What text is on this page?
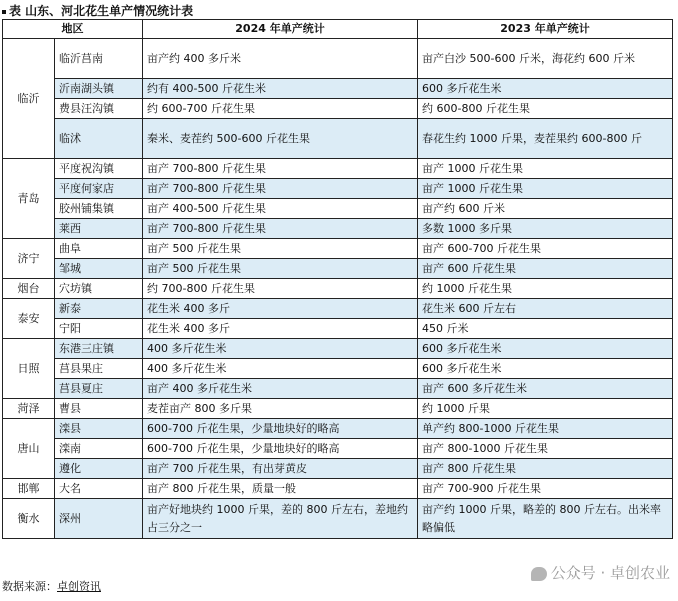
表 山东、河北花生单产情况统计表
地区		2024 年单产统计	2023 年单产统计
临沂	临沂莒南	亩产约 400 多斤米	亩产白沙 500-600 斤米，海花约 600 斤米
	沂南湖头镇	约有 400-500 斤花生米	600 多斤花生米
	费县汪沟镇	约 600-700 斤花生果	约 600-800 斤花生果
	临沭	秦米、麦茬约 500-600 斤花生果	春花生约 1000 斤果，麦茬果约 600-800 斤
青岛	平度祝沟镇	亩产 700-800 斤花生果	亩产 1000 斤花生果
	平度何家店	亩产 700-800 斤花生果	亩产 1000 斤花生果
	胶州铺集镇	亩产 400-500 斤花生果	亩产约 600 斤米
	莱西	亩产 700-800 斤花生果	多数 1000 多斤果
济宁	曲阜	亩产 500 斤花生果	亩产 600-700 斤花生果
	邹城	亩产 500 斤花生果	亩产 600 斤花生果
烟台	穴坊镇	约 700-800 斤花生果	约 1000 斤花生果
泰安	新泰	花生米 400 多斤	花生米 600 斤左右
	宁阳	花生米 400 多斤	450 斤米
日照	东港三庄镇	400 多斤花生米	600 多斤花生米
	莒县果庄	400 多斤花生米	600 多斤花生米
	莒县夏庄	亩产 400 多斤花生米	亩产 600 多斤花生米
菏泽	曹县	麦茬亩产 800 多斤果	约 1000 斤果
唐山	滦县	600-700 斤花生果，少量地块好的略高	单产约 800-1000 斤花生果
	滦南	600-700 斤花生果，少量地块好的略高	亩产 800-1000 斤花生果
	遵化	亩产 700 斤花生果，有出芽黄皮	亩产 800 斤花生果
邯郸	大名	亩产 800 斤花生果，质量一般	亩产 700-900 斤花生果
衡水	深州	亩产好地块约 1000 斤果，差的 800 斤左右，差地约占三分之一	亩产约 1000 斤果，略差的 800 斤左右。出米率略偏低
数据来源：卓创资讯
公众号 · 卓创农业
